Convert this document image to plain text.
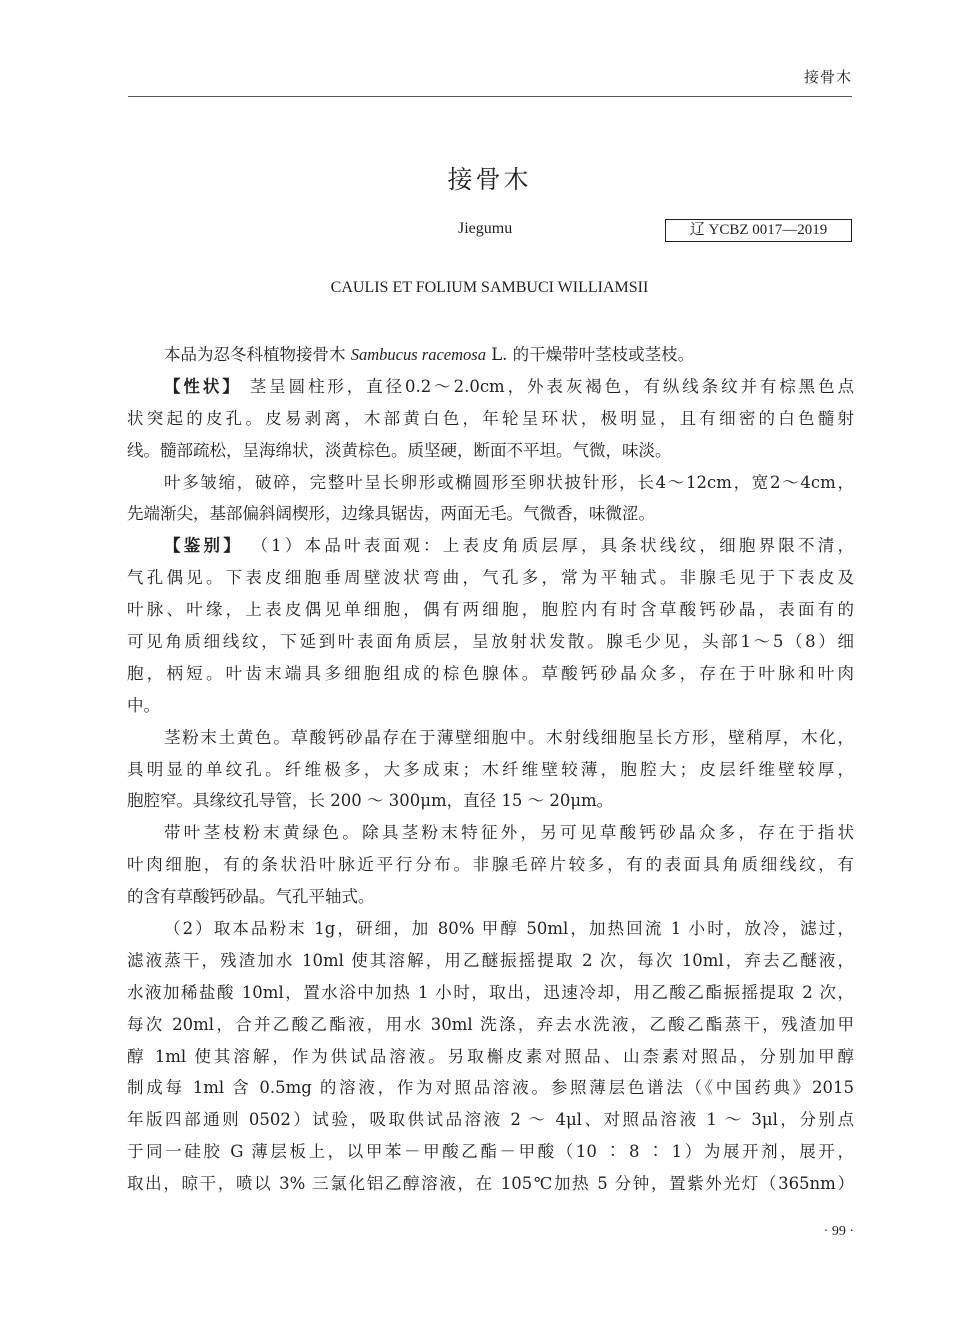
接骨木
接骨木
Jiegumu	辽 YCBZ 0017—2019
CAULIS ET FOLIUM SAMBUCI WILLIAMSII
本品为忍冬科植物接骨木 Sambucus racemosa L. 的干燥带叶茎枝或茎枝。
【性状】 茎呈圆柱形，直径0.2～2.0cm，外表灰褐色，有纵线条纹并有棕黑色点
状突起的皮孔。皮易剥离，木部黄白色，年轮呈环状，极明显，且有细密的白色髓射
线。髓部疏松，呈海绵状，淡黄棕色。质坚硬，断面不平坦。气微，味淡。
叶多皱缩，破碎，完整叶呈长卵形或椭圆形至卵状披针形，长4～12cm，宽2～4cm，
先端渐尖，基部偏斜阔楔形，边缘具锯齿，两面无毛。气微香，味微涩。
【鉴别】 （1）本品叶表面观：上表皮角质层厚，具条状线纹，细胞界限不清，
气孔偶见。下表皮细胞垂周壁波状弯曲，气孔多，常为平轴式。非腺毛见于下表皮及
叶脉、叶缘，上表皮偶见单细胞，偶有两细胞，胞腔内有时含草酸钙砂晶，表面有的
可见角质细线纹，下延到叶表面角质层，呈放射状发散。腺毛少见，头部1～5（8）细
胞，柄短。叶齿末端具多细胞组成的棕色腺体。草酸钙砂晶众多，存在于叶脉和叶肉
中。
茎粉末土黄色。草酸钙砂晶存在于薄壁细胞中。木射线细胞呈长方形，壁稍厚，木化，
具明显的单纹孔。纤维极多，大多成束；木纤维壁较薄，胞腔大；皮层纤维壁较厚，
胞腔窄。具缘纹孔导管，长 200 ～ 300μm，直径 15 ～ 20μm。
带叶茎枝粉末黄绿色。除具茎粉末特征外，另可见草酸钙砂晶众多，存在于指状
叶肉细胞，有的条状沿叶脉近平行分布。非腺毛碎片较多，有的表面具角质细线纹，有
的含有草酸钙砂晶。气孔平轴式。
（2）取本品粉末 1g，研细，加 80% 甲醇 50ml，加热回流 1 小时，放冷，滤过，
滤液蒸干，残渣加水 10ml 使其溶解，用乙醚振摇提取 2 次，每次 10ml，弃去乙醚液，
水液加稀盐酸 10ml，置水浴中加热 1 小时，取出，迅速冷却，用乙酸乙酯振摇提取 2 次，
每次 20ml，合并乙酸乙酯液，用水 30ml 洗涤，弃去水洗液，乙酸乙酯蒸干，残渣加甲
醇 1ml 使其溶解，作为供试品溶液。另取槲皮素对照品、山柰素对照品，分别加甲醇
制成每 1ml 含 0.5mg 的溶液，作为对照品溶液。参照薄层色谱法（《中国药典》2015
年版四部通则 0502）试验，吸取供试品溶液 2 ～ 4μl、对照品溶液 1 ～ 3μl，分别点
于同一硅胶 G 薄层板上，以甲苯－甲酸乙酯－甲酸（10 ∶ 8 ∶ 1）为展开剂，展开，
取出，晾干，喷以 3% 三氯化铝乙醇溶液，在 105℃加热 5 分钟，置紫外光灯（365nm）
· 99 ·
